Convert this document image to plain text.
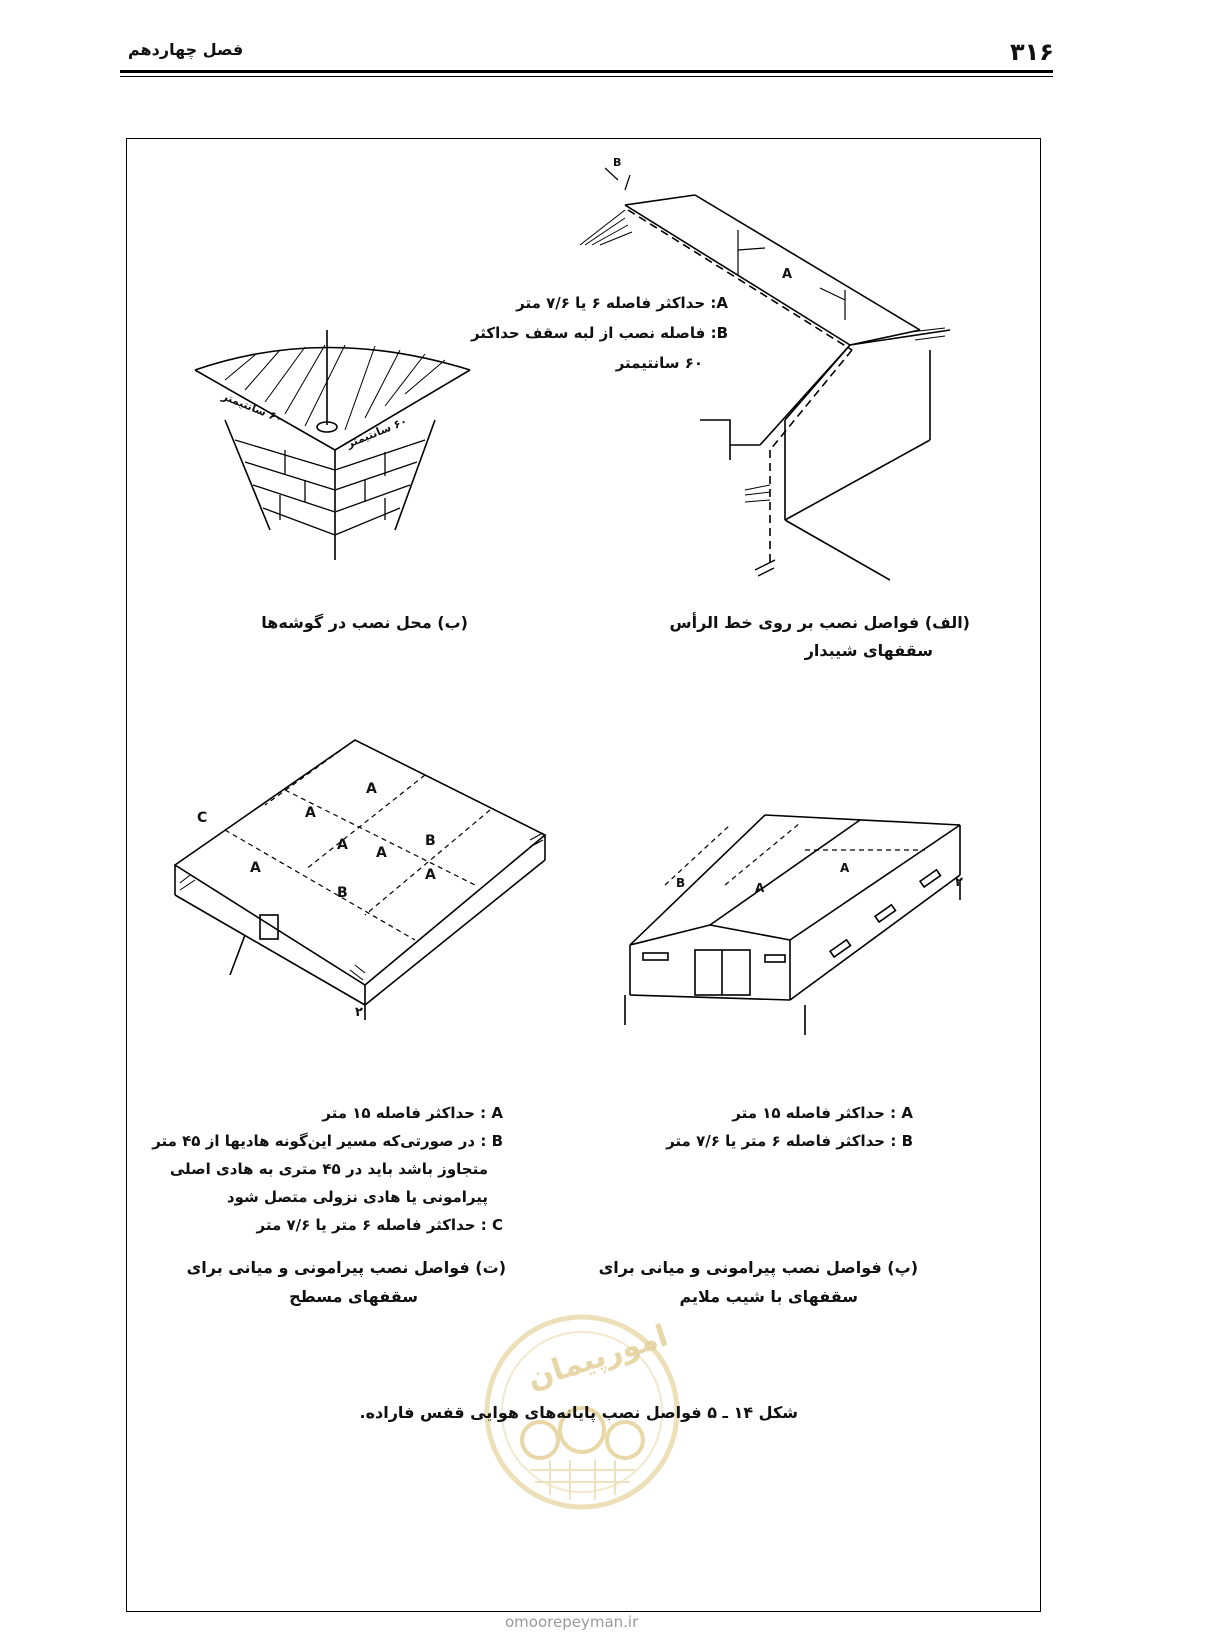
۳۱۶
فصل چهاردهم
B
A
A: حداکثر فاصله ۶ یا ۷/۶ متر
B: فاصله نصب از لبه سقف حداکثر
۶۰ سانتیمتر
(الف) فواصل نصب بر روی خط الرأس
سقفهای شیبدار
۶۰ سانتیمتر
۶۰ سانتیمتر
(ب) محل نصب در گوشه‌ها
B	A
A
۲
A : حداکثر فاصله ۱۵ متر
B : حداکثر فاصله ۶ متر یا ۷/۶ متر
(پ) فواصل نصب پیرامونی و میانی برای
سقفهای با شیب ملایم
A
A
A A
A	A
B
B
C
۲
A : حداکثر فاصله ۱۵ متر
B : در صورتی‌که مسیر این‌گونه هادیها از ۴۵ متر
متجاوز باشد باید در ۴۵ متری به هادی اصلی
پیرامونی یا هادی نزولی متصل شود
C : حداکثر فاصله ۶ متر یا ۷/۶ متر
(ت) فواصل نصب پیرامونی و میانی برای
سقفهای مسطح
امورپیمان
شکل ۱۴ ـ ۵ فواصل نصب پایانه‌های هوایی قفس فاراده.
omoorepeyman.ir
